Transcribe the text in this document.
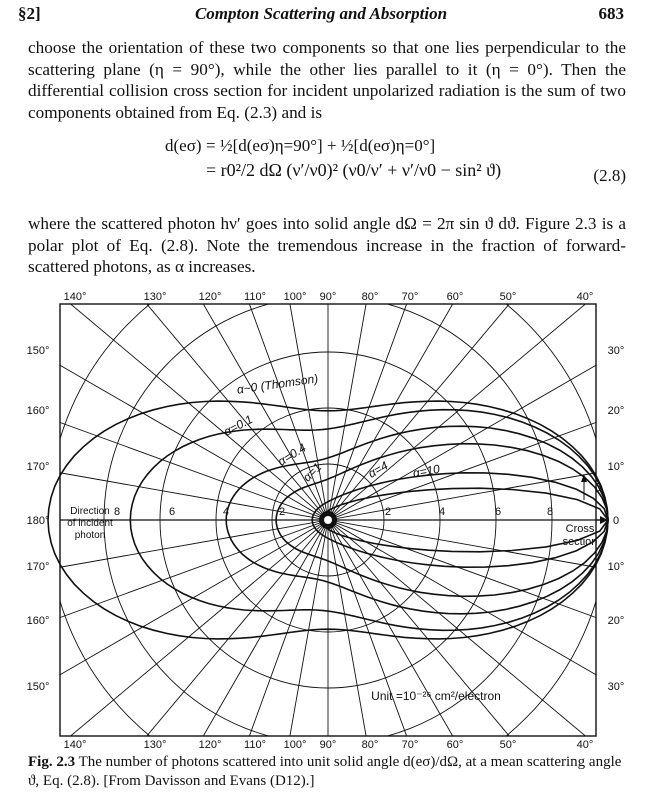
§2]	Compton Scattering and Absorption	683
choose the orientation of these two components so that one lies perpendicular to the scattering plane (η = 90°), while the other lies parallel to it (η = 0°). Then the differential collision cross section for incident unpolarized radiation is the sum of two components obtained from Eq. (2.3) and is
d(eσ) = ½[d(eσ)η=90°] + ½[d(eσ)η=0°]
= r0²/2 dΩ (ν′/ν0)² (ν0/ν′ + ν′/ν0 − sin² ϑ)	(2.8)
where the scattered photon hν′ goes into solid angle dΩ = 2π sin ϑ dϑ. Figure 2.3 is a polar plot of Eq. (2.8). Note the tremendous increase in the fraction of forward-scattered photons, as α increases.
140°	130°	120° 110° 100° 90° 80° 70°	60°	50°	40°
140°	130°	120° 110° 100° 90° 80° 70°	60°	50°	40°
150°
160°
170°
180°
170°
160°
150°
30°
20°
10°
0
10°
20°
30°
8	6	4	2	2	4	6	8
α~0 (Thomson)
α=0.1
α=0.4
α=1	α=4 α=10
Direction
of incident
photon
Cross
section
ϑ
Unit =10⁻²⁶ cm²/electron
Fig. 2.3 The number of photons scattered into unit solid angle d(eσ)/dΩ, at a mean scattering angle ϑ, Eq. (2.8). [From Davisson and Evans (D12).]
